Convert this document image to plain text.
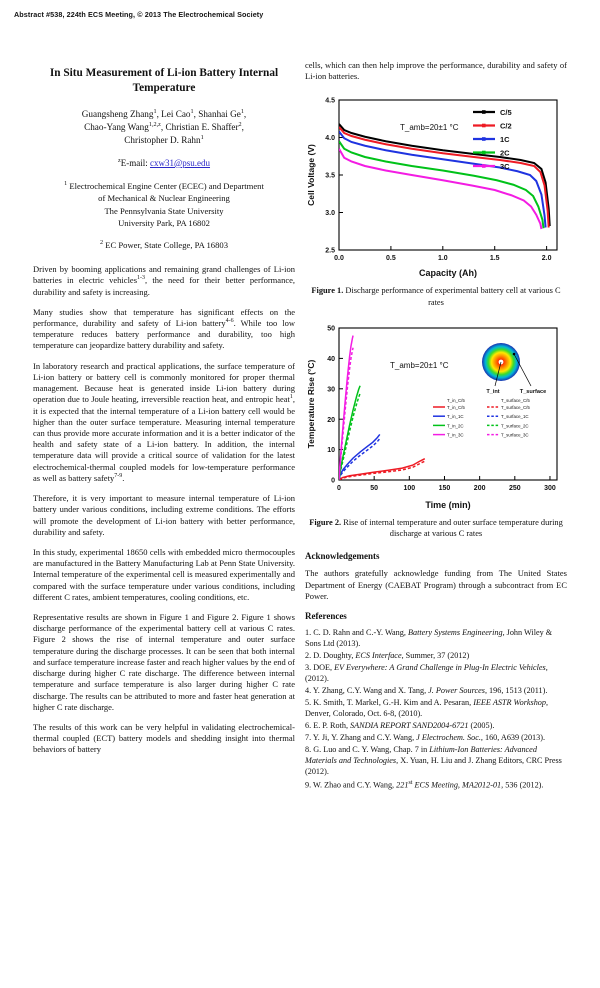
Abstract #538, 224th ECS Meeting, © 2013 The Electrochemical Society
In Situ Measurement of Li-ion Battery Internal Temperature
Guangsheng Zhang$^1$, Lei Cao$^1$, Shanhai Ge$^1$,
Chao-Yang Wang$^{1,2,z}$, Christian E. Shaffer$^2$,
Christopher D. Rahn$^1$
$^z$E-mail: cxw31@psu.edu
$^1$ Electrochemical Engine Center (ECEC) and Department
of Mechanical & Nuclear Engineering
The Pennsylvania State University
University Park, PA 16802
$^2$ EC Power, State College, PA 16803

Driven by booming applications and remaining grand challenges of Li-ion batteries in electric vehicles$^{1-3}$, the need for their better performance, durability and safety is increasing.

Many studies show that temperature has significant effects on the performance, durability and safety of Li-ion battery$^{4-6}$. While too low temperature reduces battery performance and durability, too high temperature can jeopardize battery durability and safety.

In laboratory research and practical applications, the surface temperature of Li-ion battery or battery cell is commonly monitored for proper thermal management. Because heat is generated inside Li-ion battery during operation due to Joule heating, irreversible reaction heat, and entropic heat$^1$, it is expected that the internal temperature of a Li-ion battery cell would be higher than the outer surface temperature. Measuring internal temperature can thus provide more accurate information and it is a better indicator of the health and safety state of a Li-ion battery. In addition, the internal temperature data will provide a critical source of validation for the latest electrochemical-thermal coupled models for low-temperature performance as well as battery safety$^{7-9}$.

Therefore, it is very important to measure internal temperature of Li-ion battery under various conditions, including extreme conditions. The efforts will promote the development of Li-ion battery with better performance, durability and safety.

In this study, experimental 18650 cells with embedded micro thermocouples are manufactured in the Battery Manufacturing Lab at Penn State University. Internal temperature of the experimental cell is measured experimentally and compared with the surface temperature under various conditions, including different C rates, ambient temperatures, cooling conditions, etc.

Representative results are shown in Figure 1 and Figure 2. Figure 1 shows discharge performance of the experimental battery cell at various C rates. Figure 2 shows the rise of internal temperature and outer surface temperature during the discharge processes. It can be seen that both internal and surface temperature increase faster and reach higher values by the end of discharge during higher C rate discharge. The difference between internal temperature and surface temperature is also larger during higher C rate discharge. The results can be attributed to more and faster heat generation at higher C rate discharge.

The results of this work can be very helpful in validating electrochemical-thermal coupled (ECT) battery models and shedding insight into thermal behaviors of battery

cells, which can then help improve the performance, durability and safety of Li-ion batteries.

0.0	0.5	1.0	1.5	2.0
2.5
3.0
3.5
4.0
4.5
Capacity (Ah)
Cell Voltage (V)
T_amb=20±1 °C
C/5
C/2
1C
2C
3C
Figure 1. Discharge performance of experimental battery cell at various C rates
0	50	100	150	200	250	300
0
10
20
30
40
50
Time (min)
Temperature Rise (°C)	T_amb=20±1 °C
T_int	T_surface
T_in_C/5	T_surface_C/5
T_in_C/5	T_surface_C/5
T_in_1C	T_surface_1C
T_in_2C	T_surface_2C
T_in_3C	T_surface_3C
Figure 2. Rise of internal temperature and outer surface temperature during discharge at various C rates
Acknowledgements

The authors gratefully acknowledge funding from The United States Department of Energy (CAEBAT Program) through a subcontract from EC Power.

References
1. C. D. Rahn and C.-Y. Wang, Battery Systems Engineering, John Wiley & Sons Ltd (2013).
2. D. Doughty, ECS Interface, Summer, 37 (2012)
3. DOE, EV Everywhere: A Grand Challenge in Plug-In Electric Vehicles, (2012).
4. Y. Zhang, C.Y. Wang and X. Tang, J. Power Sources, 196, 1513 (2011).
5. K. Smith, T. Markel, G.-H. Kim and A. Pesaran, IEEE ASTR Workshop, Denver, Colorado, Oct. 6-8, (2010).
6. E. P. Roth, SANDIA REPORT SAND2004-6721 (2005).
7. Y. Ji, Y. Zhang and C.Y. Wang, J Electrochem. Soc., 160, A639 (2013).
8. G. Luo and C. Y. Wang, Chap. 7 in Lithium-Ion Batteries: Advanced Materials and Technologies, X. Yuan, H. Liu and J. Zhang Editors, CRC Press (2012).
9. W. Zhao and C.Y. Wang, 221st ECS Meeting, MA2012-01, 536 (2012).
